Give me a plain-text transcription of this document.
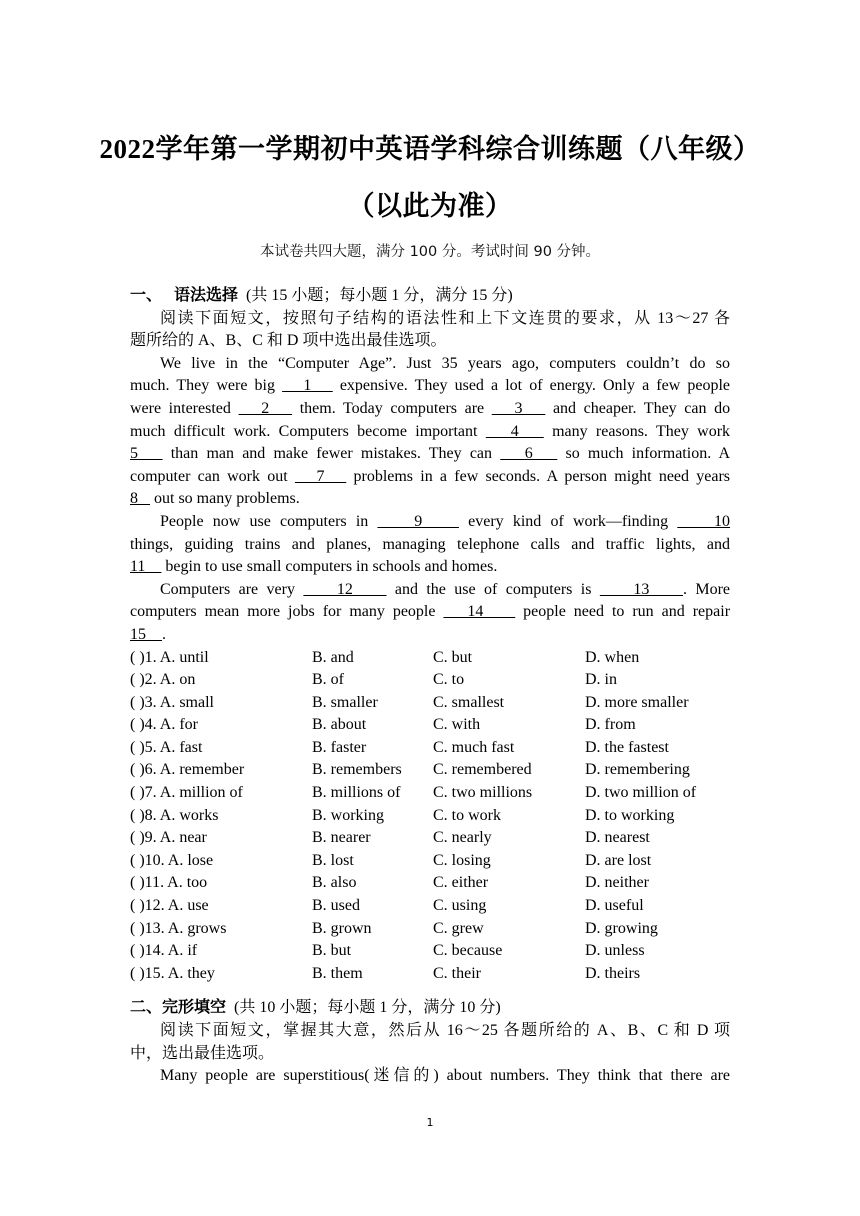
2022学年第一学期初中英语学科综合训练题（八年级）
（以此为准）
本试卷共四大题，满分 100 分。考试时间 90 分钟。
一、 语法选择 (共 15 小题；每小题 1 分，满分 15 分)
阅读下面短文，按照句子结构的语法性和上下文连贯的要求，从 13～27 各
题所给的 A、B、C 和 D 项中选出最佳选项。
We live in the “Computer Age”. Just 35 years ago, computers couldn’t do so
much. They were big    1    expensive. They used a lot of energy. Only a few people
were interested    2    them. Today computers are    3    and cheaper. They can do
much difficult work. Computers become important    4    many reasons. They work
5    than man and make fewer mistakes. They can    6    so much information. A
computer can work out    7    problems in a few seconds. A person might need years
8    out so many problems.
People now use computers in     9     every kind of work—finding     10
things, guiding trains and planes, managing telephone calls and traffic lights, and
11     begin to use small computers in schools and homes.
Computers are very     12     and the use of computers is     13    . More
computers mean more jobs for many people    14     people need to run and repair
15    .
( )1. A. until	B. and	C. but	D. when
( )2. A. on	B. of	C. to	D. in
( )3. A. small	B. smaller	C. smallest	D. more smaller
( )4. A. for	B. about	C. with	D. from
( )5. A. fast	B. faster	C. much fast	D. the fastest
( )6. A. remember	B. remembers	C. remembered	D. remembering
( )7. A. million of	B. millions of	C. two millions	D. two million of
( )8. A. works	B. working	C. to work	D. to working
( )9. A. near	B. nearer	C. nearly	D. nearest
( )10. A. lose	B. lost	C. losing	D. are lost
( )11. A. too	B. also	C. either	D. neither
( )12. A. use	B. used	C. using	D. useful
( )13. A. grows	B. grown	C. grew	D. growing
( )14. A. if	B. but	C. because	D. unless
( )15. A. they	B. them	C. their	D. theirs
二、完形填空 (共 10 小题；每小题 1 分，满分 10 分)
阅读下面短文，掌握其大意，然后从 16～25 各题所给的 A、B、C 和 D 项
中，选出最佳选项。
Many people are superstitious(迷信的) about numbers. They think that there are
1
